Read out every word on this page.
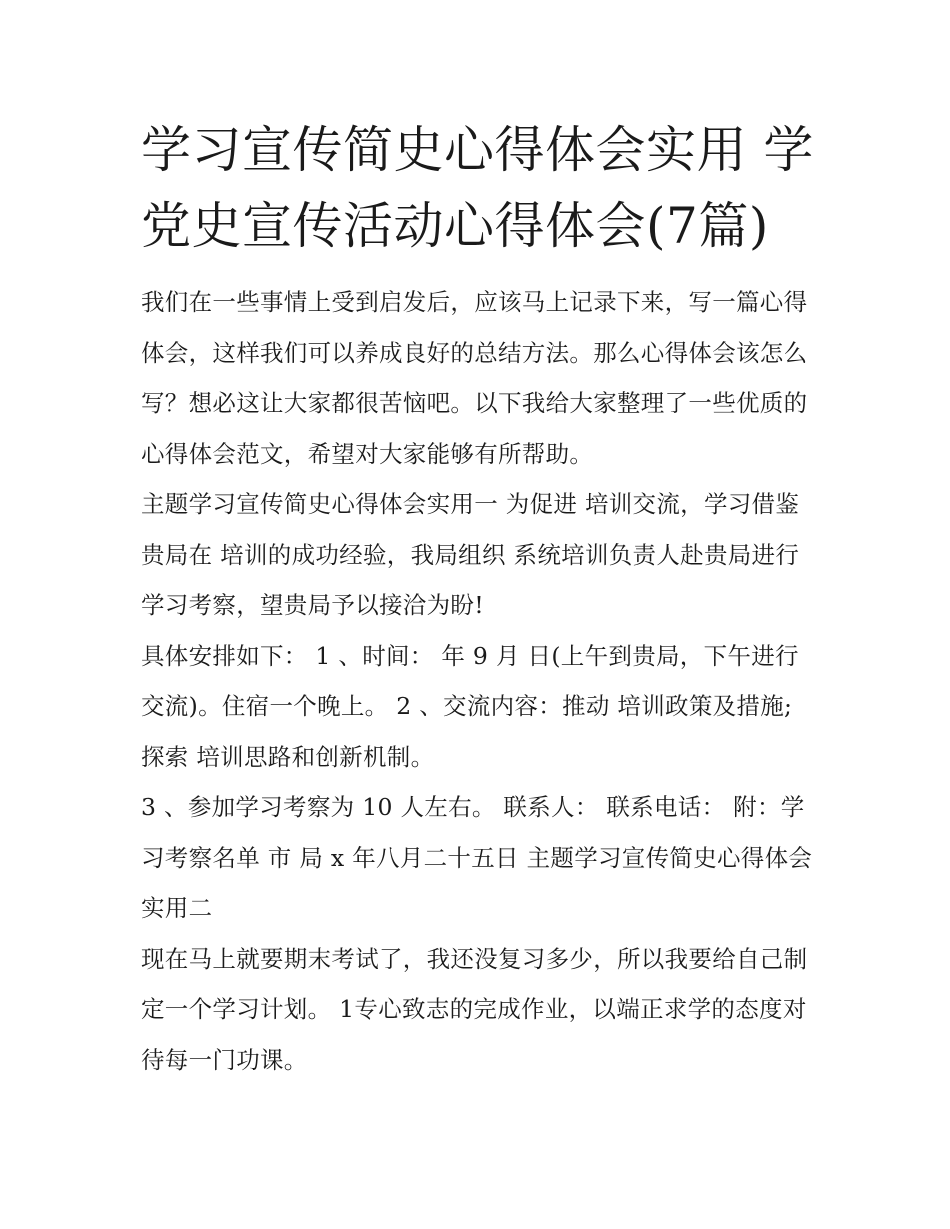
学习宣传简史心得体会实用 学党史宣传活动心得体会(7篇)

我们在一些事情上受到启发后，应该马上记录下来，写一篇心得体会，这样我们可以养成良好的总结方法。那么心得体会该怎么写？想必这让大家都很苦恼吧。以下我给大家整理了一些优质的心得体会范文，希望对大家能够有所帮助。

主题学习宣传简史心得体会实用一 为促进 培训交流，学习借鉴贵局在 培训的成功经验，我局组织 系统培训负责人赴贵局进行学习考察，望贵局予以接洽为盼!

具体安排如下： 1 、时间： 年 9 月 日(上午到贵局，下午进行交流)。住宿一个晚上。 2 、交流内容：推动 培训政策及措施;探索 培训思路和创新机制。

3 、参加学习考察为 10 人左右。 联系人： 联系电话： 附：学习考察名单 市 局 x 年八月二十五日 主题学习宣传简史心得体会实用二

现在马上就要期末考试了，我还没复习多少，所以我要给自己制定一个学习计划。 1专心致志的完成作业，以端正求学的态度对待每一门功课。
